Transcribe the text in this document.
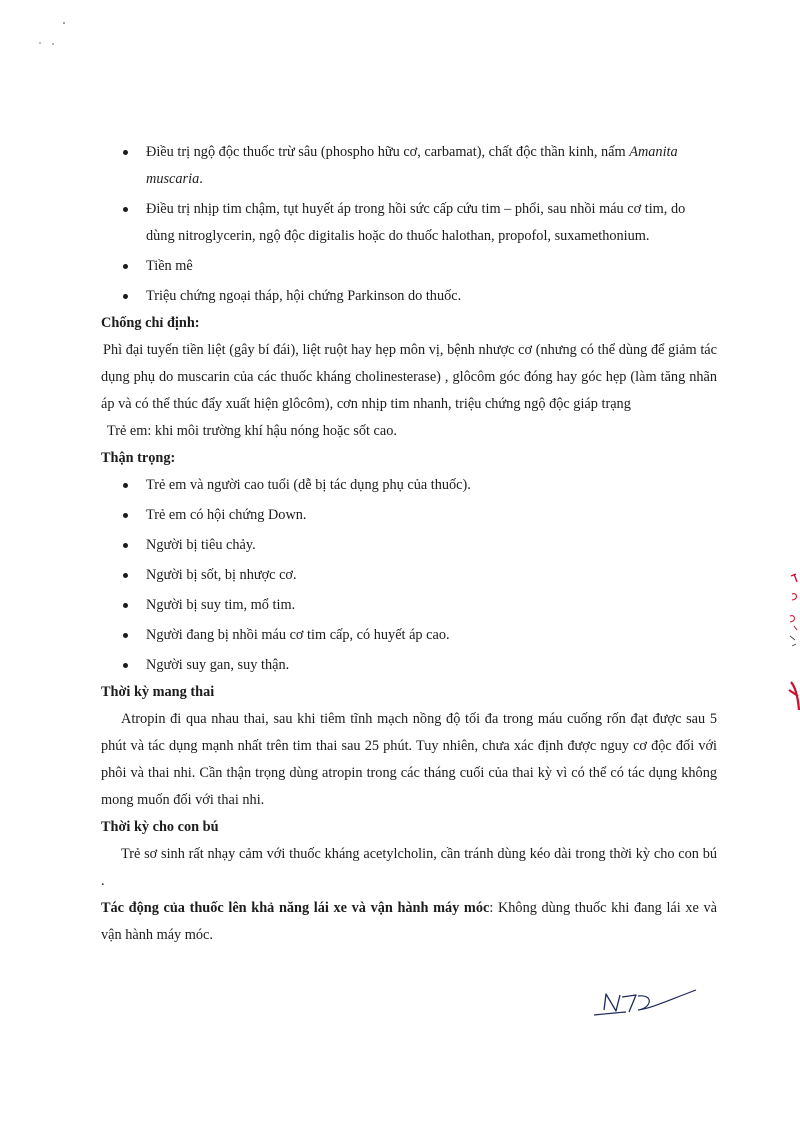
Điều trị ngộ độc thuốc trừ sâu (phospho hữu cơ, carbamat), chất độc thần kinh, nấm Amanita muscaria.
Điều trị nhịp tim chậm, tụt huyết áp trong hồi sức cấp cứu tim – phổi, sau nhồi máu cơ tim, do dùng nitroglycerin, ngộ độc digitalis hoặc do thuốc halothan, propofol, suxamethonium.
Tiền mê
Triệu chứng ngoại tháp, hội chứng Parkinson do thuốc.
Chống chỉ định:
Phì đại tuyến tiền liệt (gây bí đái), liệt ruột hay hẹp môn vị, bệnh nhược cơ (nhưng có thể dùng để giảm tác dụng phụ do muscarin của các thuốc kháng cholinesterase) , glôcôm góc đóng hay góc hẹp (làm tăng nhãn áp và có thể thúc đẩy xuất hiện glôcôm), cơn nhịp tim nhanh, triệu chứng ngộ độc giáp trạng
Trẻ em: khi môi trường khí hậu nóng hoặc sốt cao.
Thận trọng:
Trẻ em và người cao tuổi (dễ bị tác dụng phụ của thuốc).
Trẻ em có hội chứng Down.
Người bị tiêu chảy.
Người bị sốt, bị nhược cơ.
Người bị suy tim, mổ tim.
Người đang bị nhồi máu cơ tim cấp, có huyết áp cao.
Người suy gan, suy thận.
Thời kỳ mang thai
Atropin đi qua nhau thai, sau khi tiêm tĩnh mạch nồng độ tối đa trong máu cuống rốn đạt được sau 5 phút và tác dụng mạnh nhất trên tim thai sau 25 phút. Tuy nhiên, chưa xác định được nguy cơ độc đối với phôi và thai nhi. Cần thận trọng dùng atropin trong các tháng cuối của thai kỳ vì có thể có tác dụng không mong muốn đối với thai nhi.
Thời kỳ cho con bú
Trẻ sơ sinh rất nhạy cảm với thuốc kháng acetylcholin, cần tránh dùng kéo dài trong thời kỳ cho con bú .
Tác động của thuốc lên khả năng lái xe và vận hành máy móc: Không dùng thuốc khi đang lái xe và vận hành máy móc.
